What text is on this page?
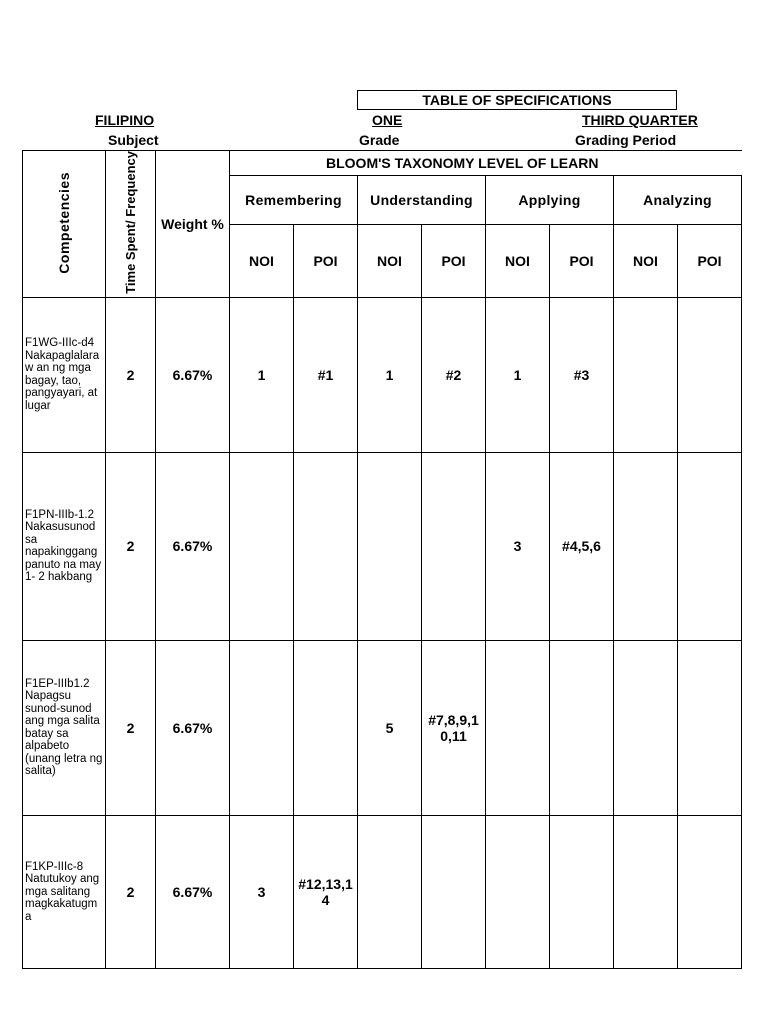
TABLE OF SPECIFICATIONS
FILIPINO
Subject
ONE
Grade
THIRD QUARTER
Grading Period
Competencies	Time Spent/ Frequency	Weight %	BLOOM'S TAXONOMY LEVEL OF LEARN							
			Remembering		Understanding		Applying		Analyzing	
			NOI	POI	NOI	POI	NOI	POI	NOI	POI
F1WG-IIIc-d4 Nakapaglalara w an ng mga bagay, tao, pangyayari, at lugar	2	6.67%	1	#1	1	#2	1	#3		
F1PN-IIIb-1.2 Nakasusunod sa napakinggang panuto na may 1- 2 hakbang	2	6.67%					3	#4,5,6		
F1EP-IIIb1.2 Napagsu sunod-sunod ang mga salita batay sa alpabeto (unang letra ng salita)	2	6.67%			5	#7,8,9,1 0,11				
F1KP-IIIc-8 Natutukoy ang mga salitang magkakatugm a	2	6.67%	3	#12,13,1 4						
